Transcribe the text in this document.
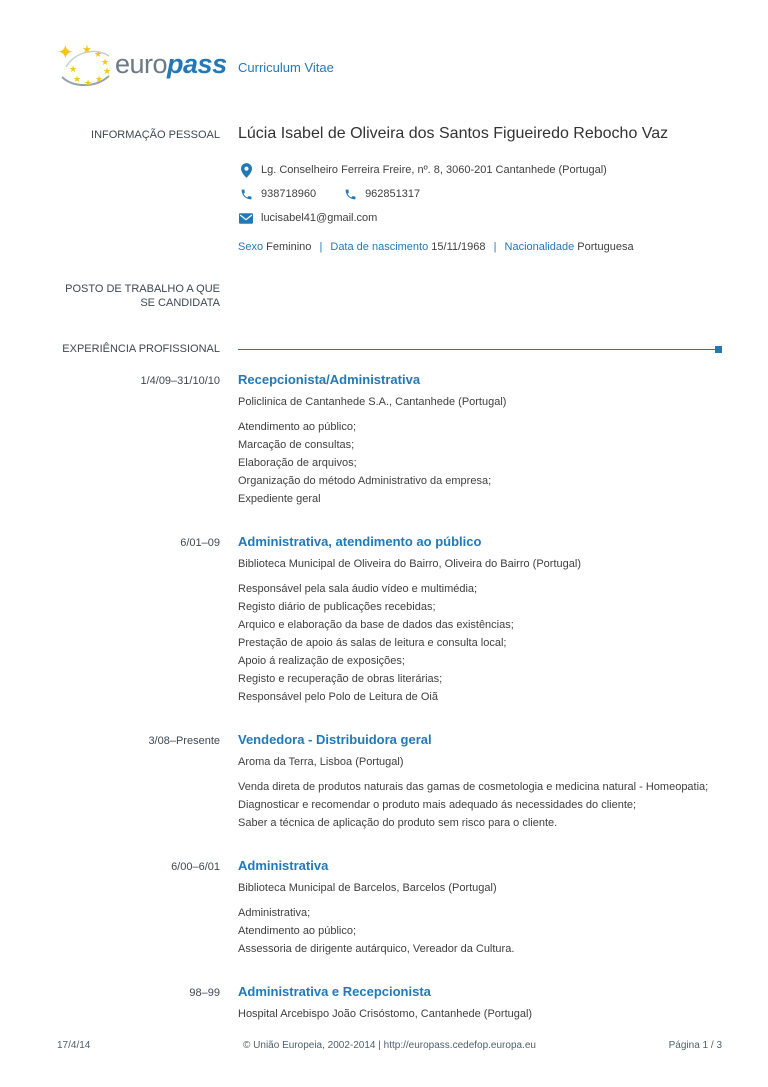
✦ ★ ★
★
★
★
★
★
★ europass Curriculum Vitae
INFORMAÇÃO PESSOAL Lúcia Isabel de Oliveira dos Santos Figueiredo Rebocho Vaz
Lg. Conselheiro Ferreira Freire, nº. 8, 3060-201 Cantanhede (Portugal)
938718960	962851317
lucisabel41@gmail.com

Sexo Feminino | Data de nascimento 15/11/1968 | Nacionalidade Portuguesa

POSTO DE TRABALHO A QUE SE CANDIDATA
EXPERIÊNCIA PROFISSIONAL
1/4/09–31/10/10 Recepcionista/Administrativa

Policlinica de Cantanhede S.A., Cantanhede (Portugal)

Atendimento ao público;

Marcação de consultas;

Elaboração de arquivos;

Organização do método Administrativo da empresa;

Expediente geral

6/01–09 Administrativa, atendimento ao público

Biblioteca Municipal de Oliveira do Bairro, Oliveira do Bairro (Portugal)

Responsável pela sala áudio vídeo e multimédia;

Registo diário de publicações recebidas;

Arquico e elaboração da base de dados das existências;

Prestação de apoio ás salas de leitura e consulta local;

Apoio á realização de exposições;

Registo e recuperação de obras literárias;

Responsável pelo Polo de Leitura de Oiã

3/08–Presente Vendedora - Distribuidora geral

Aroma da Terra, Lisboa (Portugal)

Venda direta de produtos naturais das gamas de cosmetologia e medicina natural - Homeopatia;

Diagnosticar e recomendar o produto mais adequado ás necessidades do cliente;

Saber a técnica de aplicação do produto sem risco para o cliente.

6/00–6/01 Administrativa

Biblioteca Municipal de Barcelos, Barcelos (Portugal)

Administrativa;

Atendimento ao público;

Assessoria de dirigente autárquico, Vereador da Cultura.

98–99 Administrativa e Recepcionista

Hospital Arcebispo João Crisóstomo, Cantanhede (Portugal)

17/4/14	© União Europeia, 2002-2014 | http://europass.cedefop.europa.eu	Página 1 / 3
